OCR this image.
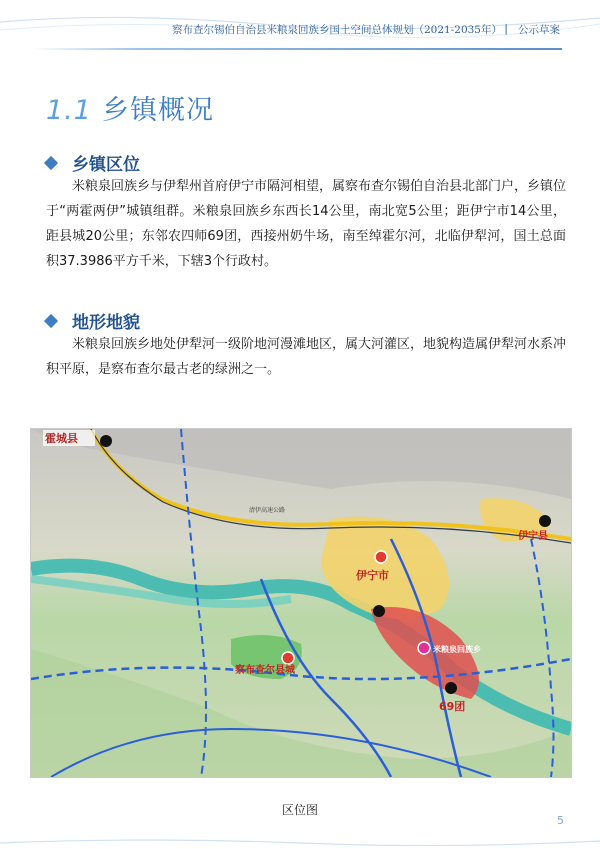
察布查尔锡伯自治县米粮泉回族乡国土空间总体规划（2021-2035年） | 公示草案
1.1 乡镇概况
乡镇区位

米粮泉回族乡与伊犁州首府伊宁市隔河相望，属察布查尔锡伯自治县北部门户，乡镇位于“两霍两伊”城镇组群。米粮泉回族乡东西长14公里，南北宽5公里；距伊宁市14公里，距县城20公里；东邻农四师69团，西接州奶牛场，南至绰霍尔河，北临伊犁河，国土总面积37.3986平方千米，下辖3个行政村。

地形地貌

米粮泉回族乡地处伊犁河一级阶地河漫滩地区，属大河灌区，地貌构造属伊犁河水系冲积平原，是察布查尔最古老的绿洲之一。

清伊高速公路
霍城县
伊宁县
伊宁市
米粮泉回族乡
察布查尔县城
69团
区位图
5
